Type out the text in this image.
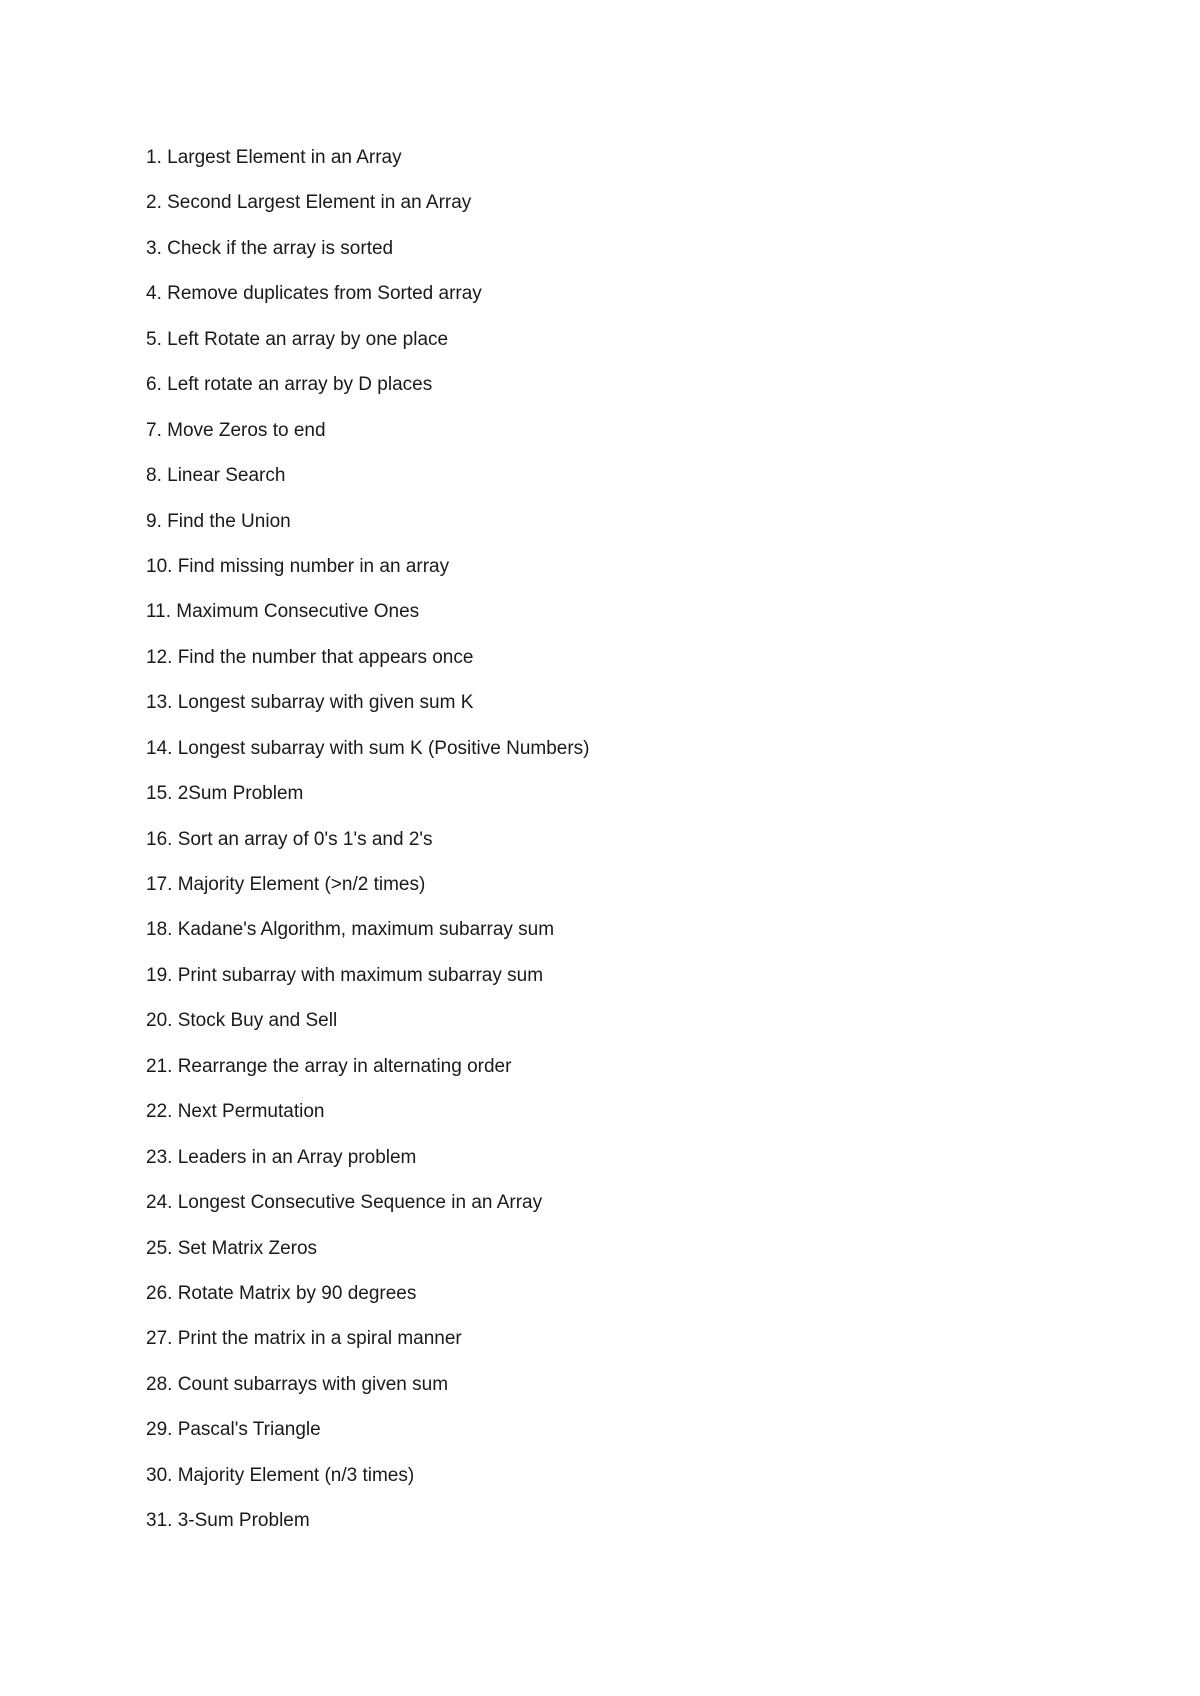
1. Largest Element in an Array
2. Second Largest Element in an Array
3. Check if the array is sorted
4. Remove duplicates from Sorted array
5. Left Rotate an array by one place
6. Left rotate an array by D places
7. Move Zeros to end
8. Linear Search
9. Find the Union
10. Find missing number in an array
11. Maximum Consecutive Ones
12. Find the number that appears once
13. Longest subarray with given sum K
14. Longest subarray with sum K (Positive Numbers)
15. 2Sum Problem
16. Sort an array of 0's 1's and 2's
17. Majority Element (>n/2 times)
18. Kadane's Algorithm, maximum subarray sum
19. Print subarray with maximum subarray sum
20. Stock Buy and Sell
21. Rearrange the array in alternating order
22. Next Permutation
23. Leaders in an Array problem
24. Longest Consecutive Sequence in an Array
25. Set Matrix Zeros
26. Rotate Matrix by 90 degrees
27. Print the matrix in a spiral manner
28. Count subarrays with given sum
29. Pascal's Triangle
30. Majority Element (n/3 times)
31. 3-Sum Problem
